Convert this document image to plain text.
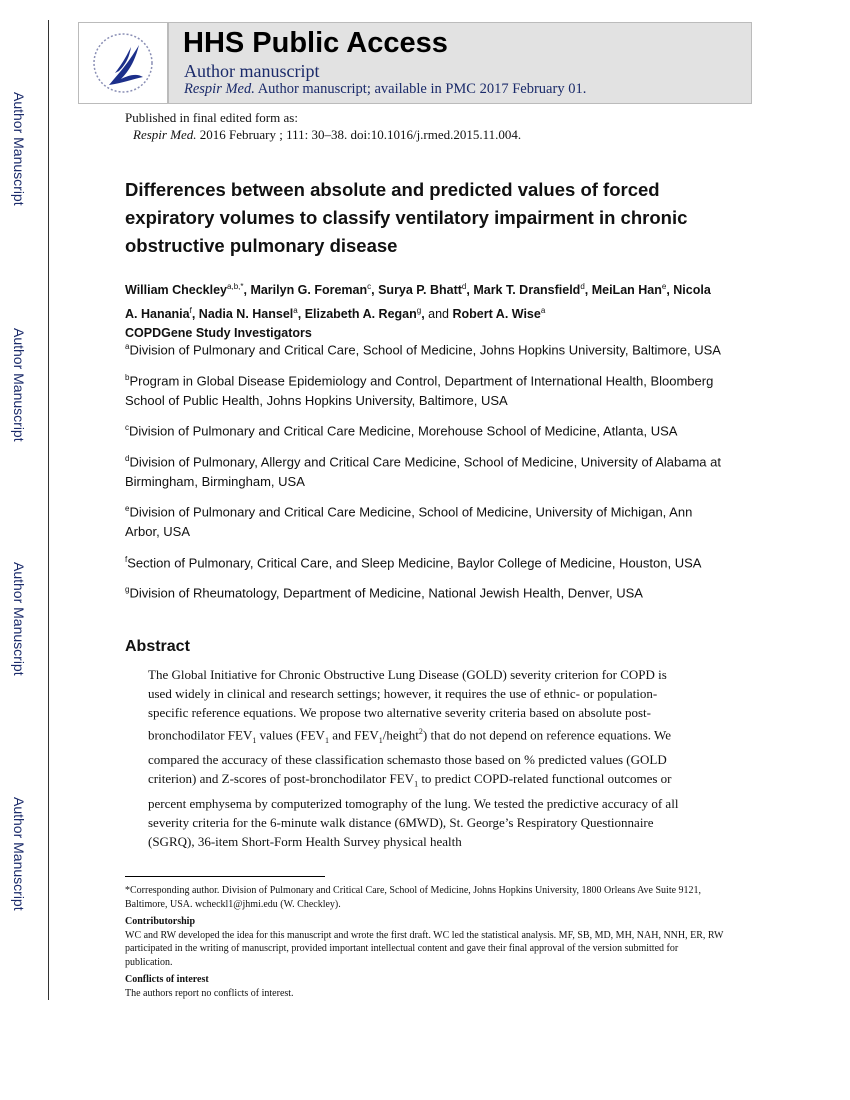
Author Manuscript
Author Manuscript
Author Manuscript
Author Manuscript
HHS Public Access
Author manuscript
Respir Med. Author manuscript; available in PMC 2017 February 01.
Published in final edited form as:
Respir Med. 2016 February ; 111: 30–38. doi:10.1016/j.rmed.2015.11.004.
Differences between absolute and predicted values of forced expiratory volumes to classify ventilatory impairment in chronic obstructive pulmonary disease
William Checkley$^{a,b,*}$, Marilyn G. Foreman$^c$, Surya P. Bhatt$^d$, Mark T. Dransfield$^d$, MeiLan Han$^e$, Nicola A. Hanania$^f$, Nadia N. Hansel$^a$, Elizabeth A. Regan$^g$, and Robert A. Wise$^a$
COPDGene Study Investigators

$^a$Division of Pulmonary and Critical Care, School of Medicine, Johns Hopkins University, Baltimore, USA

$^b$Program in Global Disease Epidemiology and Control, Department of International Health, Bloomberg School of Public Health, Johns Hopkins University, Baltimore, USA

$^c$Division of Pulmonary and Critical Care Medicine, Morehouse School of Medicine, Atlanta, USA

$^d$Division of Pulmonary, Allergy and Critical Care Medicine, School of Medicine, University of Alabama at Birmingham, Birmingham, USA

$^e$Division of Pulmonary and Critical Care Medicine, School of Medicine, University of Michigan, Ann Arbor, USA

$^f$Section of Pulmonary, Critical Care, and Sleep Medicine, Baylor College of Medicine, Houston, USA

$^g$Division of Rheumatology, Department of Medicine, National Jewish Health, Denver, USA

Abstract
The Global Initiative for Chronic Obstructive Lung Disease (GOLD) severity criterion for COPD is used widely in clinical and research settings; however, it requires the use of ethnic- or population-specific reference equations. We propose two alternative severity criteria based on absolute post-bronchodilator $FEV_1$ values ($FEV_1$ and $FEV_1/height^2$) that do not depend on reference equations. We compared the accuracy of these classification schemasto those based on % predicted values (GOLD criterion) and Z-scores of post-bronchodilator $FEV_1$ to predict COPD-related functional outcomes or percent emphysema by computerized tomography of the lung. We tested the predictive accuracy of all severity criteria for the 6-minute walk distance (6MWD), St. George’s Respiratory Questionnaire (SGRQ), 36-item Short-Form Health Survey physical health

*Corresponding author. Division of Pulmonary and Critical Care, School of Medicine, Johns Hopkins University, 1800 Orleans Ave Suite 9121, Baltimore, USA. wcheckl1@jhmi.edu (W. Checkley).

Contributorship
WC and RW developed the idea for this manuscript and wrote the first draft. WC led the statistical analysis. MF, SB, MD, MH, NAH, NNH, ER, RW participated in the writing of manuscript, provided important intellectual content and gave their final approval of the version submitted for publication.

Conflicts of interest
The authors report no conflicts of interest.
